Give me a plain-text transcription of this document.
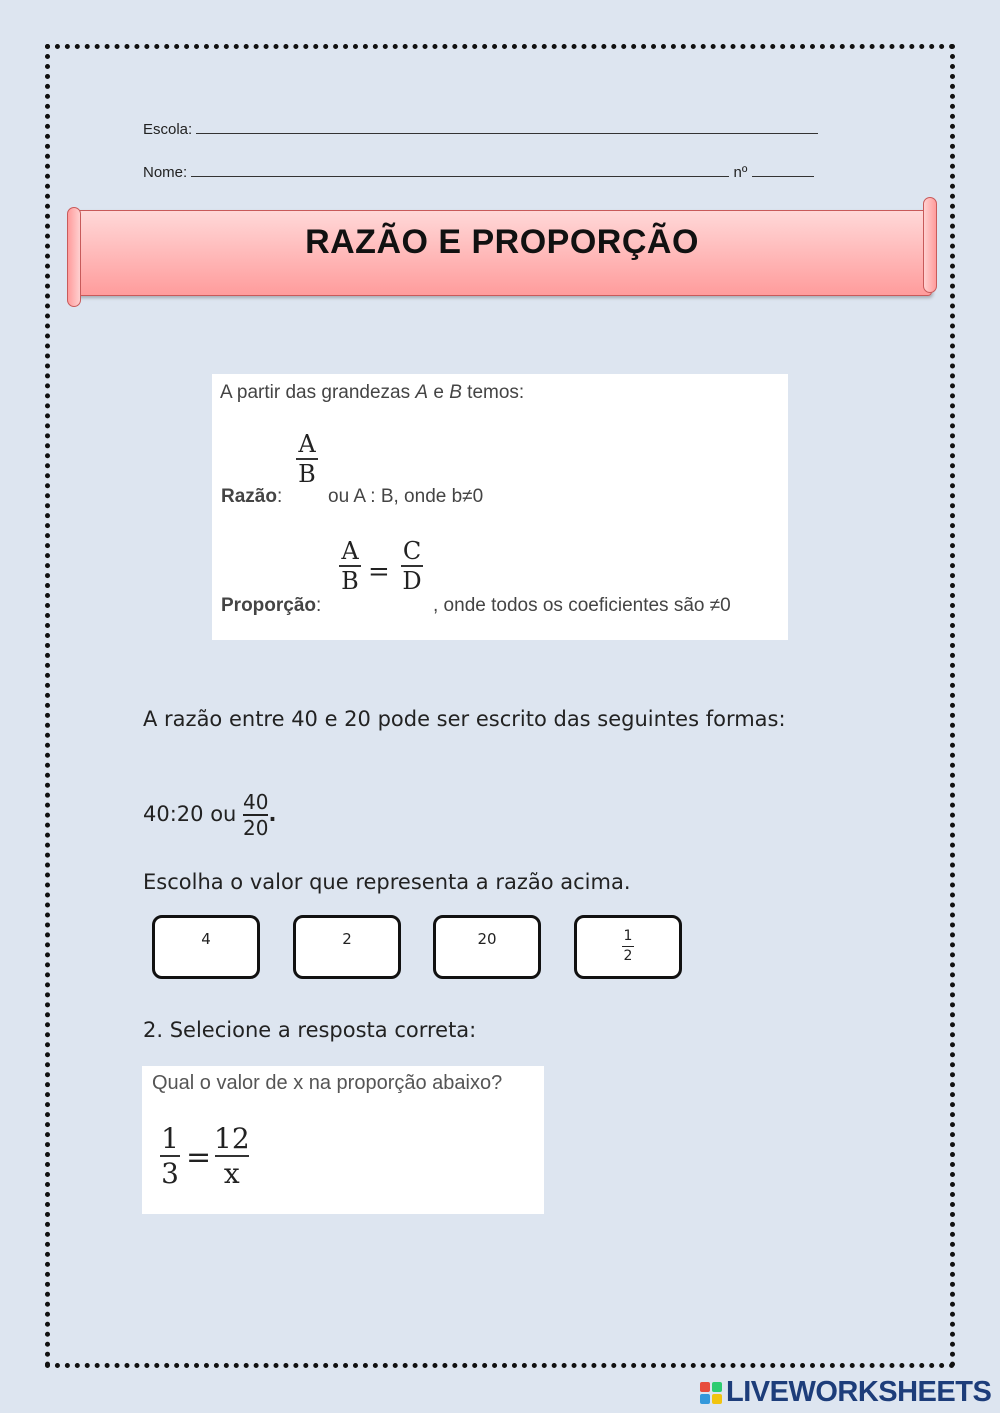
Escola:
Nome:	nº
RAZÃO E PROPORÇÃO
A partir das grandezas A e B temos:
Razão:
A
B
ou A : B, onde b≠0
Proporção:
A
B =
C
D
, onde todos os coeficientes são ≠0
A razão entre 40 e 20 pode ser escrito das seguintes formas:
40:20 ou $\frac{40}{20}$ .
Escolha o valor que representa a razão acima.
4	2	20	$\frac{1}{2}$
2. Selecione a resposta correta:
Qual o valor de x na proporção abaixo?
1
3 =
12
x
LIVEWORKSHEETS
